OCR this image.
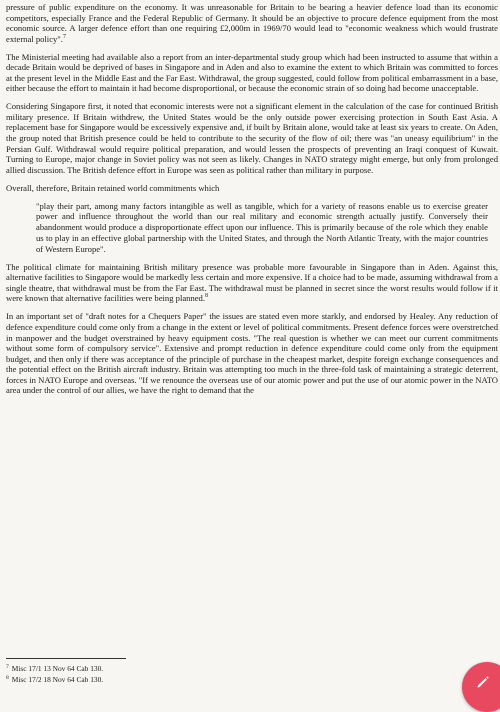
pressure of public expenditure on the economy. It was unreasonable for Britain to be bearing a heavier defence load than its economic competitors, especially France and the Federal Republic of Germany. It should be an objective to procure defence equipment from the most economic source. A larger defence effort than one requiring £2,000m in 1969/70 would lead to "economic weakness which would frustrate external policy".$^7$

The Ministerial meeting had available also a report from an inter-departmental study group which had been instructed to assume that within a decade Britain would be deprived of bases in Singapore and in Aden and also to examine the extent to which Britain was committed to forces at the present level in the Middle East and the Far East. Withdrawal, the group suggested, could follow from political embarrassment in a base, either because the effort to maintain it had become disproportional, or because the economic strain of so doing had become unacceptable.

Considering Singapore first, it noted that economic interests were not a significant element in the calculation of the case for continued British military presence. If Britain withdrew, the United States would be the only outside power exercising protection in South East Asia. A replacement base for Singapore would be excessively expensive and, if built by Britain alone, would take at least six years to create. On Aden, the group noted that British presence could be held to contribute to the security of the flow of oil; there was "an uneasy equilibrium" in the Persian Gulf. Withdrawal would require political preparation, and would lessen the prospects of preventing an Iraqi conquest of Kuwait. Turning to Europe, major change in Soviet policy was not seen as likely. Changes in NATO strategy might emerge, but only from prolonged allied discussion. The British defence effort in Europe was seen as political rather than military in purpose.

Overall, therefore, Britain retained world commitments which

"play their part, among many factors intangible as well as tangible, which for a variety of reasons enable us to exercise greater power and influence throughout the world than our real military and economic strength actually justify. Conversely their abandonment would produce a disproportionate effect upon our influence. This is primarily because of the role which they enable us to play in an effective global partnership with the United States, and through the North Atlantic Treaty, with the major countries of Western Europe".

The political climate for maintaining British military presence was probable more favourable in Singapore than in Aden. Against this, alternative facilities to Singapore would be markedly less certain and more expensive. If a choice had to be made, assuming withdrawal from a single theatre, that withdrawal must be from the Far East. The withdrawal must be planned in secret since the worst results would follow if it were known that alternative facilities were being planned.$^8$

In an important set of "draft notes for a Chequers Paper" the issues are stated even more starkly, and endorsed by Healey. Any reduction of defence expenditure could come only from a change in the extent or level of political commitments. Present defence forces were overstretched in manpower and the budget overstrained by heavy equipment costs. "The real question is whether we can meet our current commitments without some form of compulsory service". Extensive and prompt reduction in defence expenditure could come only from the equipment budget, and then only if there was acceptance of the principle of purchase in the cheapest market, despite foreign exchange consequences and the potential effect on the British aircraft industry. Britain was attempting too much in the three-fold task of maintaining a strategic deterrent, forces in NATO Europe and overseas. "If we renounce the overseas use of our atomic power and put the use of our atomic power in the NATO area under the control of our allies, we have the right to demand that the

$^7$ Misc 17/1 13 Nov 64 Cab 130.
$^8$ Misc 17/2 18 Nov 64 Cab 130.
